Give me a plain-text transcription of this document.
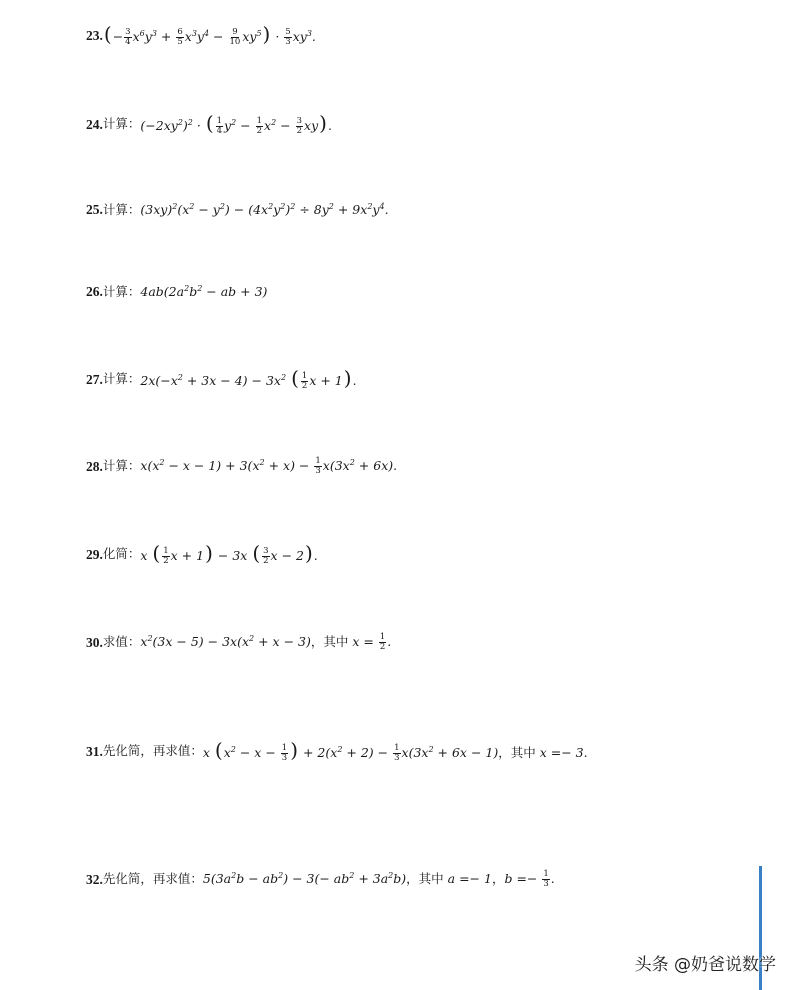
23. (− $\frac{3}{4} x^6y^3 + \frac{6}{5} x^3y^4 - \frac{9}{10} xy^5) \cdot \frac{5}{3} xy^3$.
24. 计算： $(-2xy^2)^2$ · ( $\frac{1}{4} y^2 - \frac{1}{2} x^2 - \frac{3}{2} xy$).
25. 计算： $(3xy)^2(x^2 - y^2) - (4x^2y^2)^2 \div 8y^2 + 9x^2y^4$.
26. 计算： $4ab(2a^2b^2$ − ab + 3)
27. 计算： $2x(-x^2 + 3x - 4) - 3x^2$ ( $\frac{1}{2}$ x + 1).
28. 计算： $x(x^2 - x - 1) + 3(x^2 + x) - \frac{1}{3} x(3x^2 + 6x)$.
29. 化简： x ( $\frac{1}{2}$ x + 1) − 3x ( $\frac{3}{2}$ x − 2).
30. 求值： $x^2(3x - 5) - 3x(x^2 + x - 3)$，其中 $x = \frac{1}{2}$ .
31. 先化简，再求值： x ($x^2 - x - \frac{1}{3}$ ) + $2(x^2 + 2) - \frac{1}{3} x(3x^2 + 6x - 1)$，其中 x =− 3.
32. 先化简，再求值： $5(3a^2b - ab^2) - 3(- ab^2 + 3a^2b)$，其中 a =− 1，$b =- \frac{1}{3}$ .
头条 @奶爸说数学
